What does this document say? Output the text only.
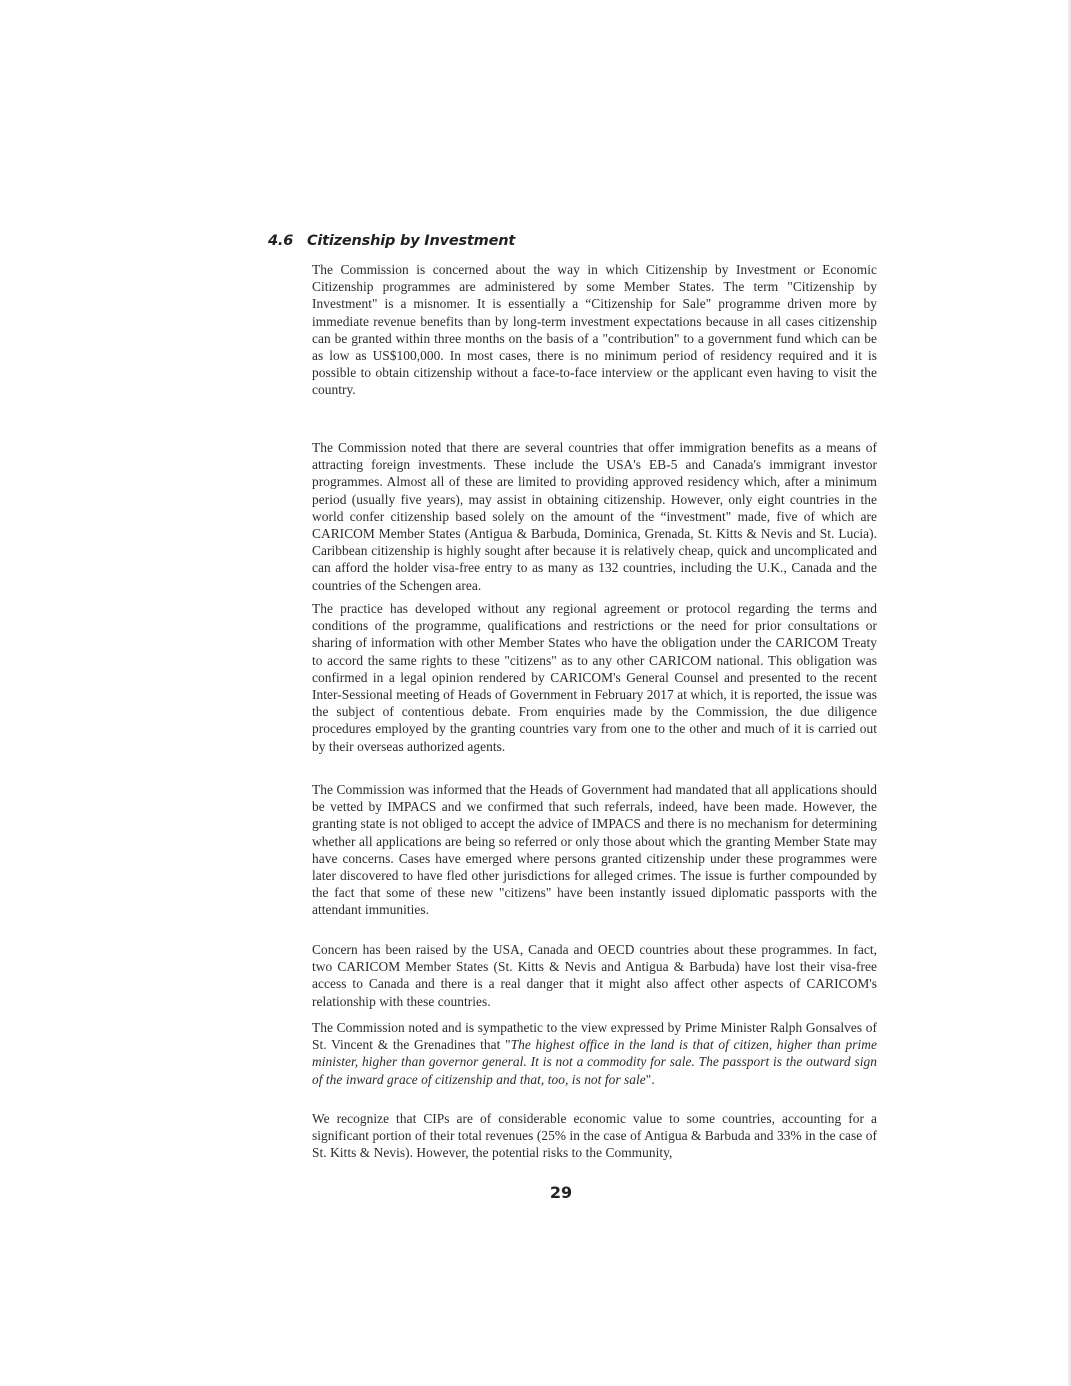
4.6 Citizenship by Investment

The Commission is concerned about the way in which Citizenship by Investment or Economic Citizenship programmes are administered by some Member States. The term "Citizenship by Investment" is a misnomer. It is essentially a “Citizenship for Sale" programme driven more by immediate revenue benefits than by long-term investment expectations because in all cases citizenship can be granted within three months on the basis of a "contribution" to a government fund which can be as low as US$100,000. In most cases, there is no minimum period of residency required and it is possible to obtain citizenship without a face-to-face interview or the applicant even having to visit the country.

The Commission noted that there are several countries that offer immigration benefits as a means of attracting foreign investments. These include the USA's EB-5 and Canada's immigrant investor programmes. Almost all of these are limited to providing approved residency which, after a minimum period (usually five years), may assist in obtaining citizenship. However, only eight countries in the world confer citizenship based solely on the amount of the “investment" made, five of which are CARICOM Member States (Antigua & Barbuda, Dominica, Grenada, St. Kitts & Nevis and St. Lucia). Caribbean citizenship is highly sought after because it is relatively cheap, quick and uncomplicated and can afford the holder visa-free entry to as many as 132 countries, including the U.K., Canada and the countries of the Schengen area.

The practice has developed without any regional agreement or protocol regarding the terms and conditions of the programme, qualifications and restrictions or the need for prior consultations or sharing of information with other Member States who have the obligation under the CARICOM Treaty to accord the same rights to these "citizens" as to any other CARICOM national. This obligation was confirmed in a legal opinion rendered by CARICOM's General Counsel and presented to the recent Inter-Sessional meeting of Heads of Government in February 2017 at which, it is reported, the issue was the subject of contentious debate. From enquiries made by the Commission, the due diligence procedures employed by the granting countries vary from one to the other and much of it is carried out by their overseas authorized agents.

The Commission was informed that the Heads of Government had mandated that all applications should be vetted by IMPACS and we confirmed that such referrals, indeed, have been made. However, the granting state is not obliged to accept the advice of IMPACS and there is no mechanism for determining whether all applications are being so referred or only those about which the granting Member State may have concerns. Cases have emerged where persons granted citizenship under these programmes were later discovered to have fled other jurisdictions for alleged crimes. The issue is further compounded by the fact that some of these new "citizens" have been instantly issued diplomatic passports with the attendant immunities.

Concern has been raised by the USA, Canada and OECD countries about these programmes. In fact, two CARICOM Member States (St. Kitts & Nevis and Antigua & Barbuda) have lost their visa-free access to Canada and there is a real danger that it might also affect other aspects of CARICOM's relationship with these countries.

The Commission noted and is sympathetic to the view expressed by Prime Minister Ralph Gonsalves of St. Vincent & the Grenadines that "The highest office in the land is that of citizen, higher than prime minister, higher than governor general. It is not a commodity for sale. The passport is the outward sign of the inward grace of citizenship and that, too, is not for sale".

We recognize that CIPs are of considerable economic value to some countries, accounting for a significant portion of their total revenues (25% in the case of Antigua & Barbuda and 33% in the case of St. Kitts & Nevis). However, the potential risks to the Community,

29
